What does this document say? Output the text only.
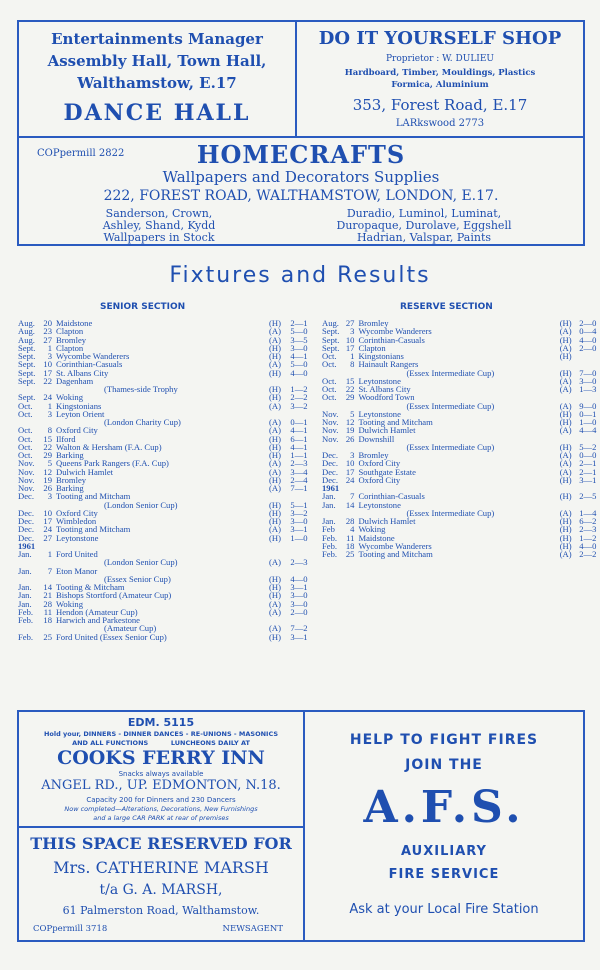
Entertainments Manager
Assembly Hall, Town Hall,
Walthamstow, E.17
DANCE HALL
DO IT YOURSELF SHOP
Proprietor : W. DULIEU
Hardboard, Timber, Mouldings, Plastics
Formica, Aluminium
353, Forest Road, E.17
LARkswood 2773
COPpermill 2822	HOMECRAFTS
Wallpapers and Decorators Supplies
222, FOREST ROAD, WALTHAMSTOW, LONDON, E.17.
Sanderson, Crown,
Ashley, Shand, Kydd
Wallpapers in Stock
Duradio, Luminol, Luminat,
Duropaque, Durolave, Eggshell
Hadrian, Valspar, Paints
Fixtures and Results
SENIOR SECTION	RESERVE SECTION
Aug.	20	Maidstone	(H)	2—1
Aug.	23	Clapton	(A)	5—0
Aug.	27	Bromley	(A)	3—5
Sept.	1	Clapton	(H)	3—0
Sept.	3	Wycombe Wanderers	(H)	4—1
Sept.	10	Corinthian-Casuals	(A)	5—0
Sept.	17	St. Albans City	(H)	4—0
Sept.	22	Dagenham		
		(Thames-side Trophy	(H)	1—2
Sept.	24	Woking	(H)	2—2
Oct.	1	Kingstonians	(A)	3—2
Oct.	3	Leyton Orient		
		(London Charity Cup)	(A)	0—1
Oct.	8	Oxford City	(A)	4—1
Oct.	15	Ilford	(H)	6—1
Oct.	22	Walton & Hersham (F.A. Cup)	(H)	4—1
Oct.	29	Barking	(H)	1—1
Nov.	5	Queens Park Rangers (F.A. Cup)	(A)	2—3
Nov.	12	Dulwich Hamlet	(A)	3—4
Nov.	19	Bromley	(H)	2—4
Nov.	26	Barking	(A)	7—1
Dec.	3	Tooting and Mitcham		
		(London Senior Cup)	(H)	5—1
Dec.	10	Oxford City	(H)	3—2
Dec.	17	Wimbledon	(H)	3—0
Dec.	24	Tooting and Mitcham	(A)	3—1
Dec.	27	Leytonstone	(H)	1—0
1961				
Jan.	1	Ford United		
		(London Senior Cup)	(A)	2—3
Jan.	7	Eton Manor		
		(Essex Senior Cup)	(H)	4—0
Jan.	14	Tooting & Mitcham	(H)	3—1
Jan.	21	Bishops Stortford (Amateur Cup)	(H)	3—0
Jan.	28	Woking	(A)	3—0
Feb.	11	Hendon (Amateur Cup)	(A)	2—0
Feb.	18	Harwich and Parkestone		
		(Amateur Cup)	(A)	7—2
Feb.	25	Ford United (Essex Senior Cup)	(H)	3—1
Aug.	27	Bromley	(H)	2—0
Sept.	3	Wycombe Wanderers	(A)	0—4
Sept.	10	Corinthian-Casuals	(H)	4—0
Sept.	17	Clapton	(A)	2—0
Oct.	1	Kingstonians	(H)	
Oct.	8	Hainault Rangers		
		(Essex Intermediate Cup)	(H)	7—0
Oct.	15	Leytonstone	(A)	3—0
Oct.	22	St. Albans City	(A)	1—3
Oct.	29	Woodford Town		
		(Essex Intermediate Cup)	(A)	9—0
Nov.	5	Leytonstone	(H)	0—1
Nov.	12	Tooting and Mitcham	(H)	1—0
Nov.	19	Dulwich Hamlet	(A)	4—4
Nov.	26	Downshill		
		(Essex Intermediate Cup)	(H)	5—2
Dec.	3	Bromley	(A)	0—0
Dec.	10	Oxford City	(A)	2—1
Dec.	17	Southgate Estate	(A)	2—1
Dec.	24	Oxford City	(H)	3—1
1961				
Jan.	7	Corinthian-Casuals	(H)	2—5
Jan.	14	Leytonstone		
		(Essex Intermediate Cup)	(A)	1—4
Jan.	28	Dulwich Hamlet	(H)	6—2
Feb	4	Woking	(H)	2—3
Feb.	11	Maidstone	(H)	1—2
Feb.	18	Wycombe Wanderers	(H)	4—0
Feb.	25	Tooting and Mitcham	(A)	2—2
EDM. 5115
Hold your, DINNERS - DINNER DANCES - RE-UNIONS - MASONICS
AND ALL FUNCTIONS          LUNCHEONS DAILY AT
COOKS FERRY INN
Snacks always available
ANGEL RD., UP. EDMONTON, N.18.
Capacity 200 for Dinners and 230 Dancers
Now completed—Alterations, Decorations, New Furnishings
and a large CAR PARK at rear of premises
THIS SPACE RESERVED FOR
Mrs. CATHERINE MARSH
t/a G. A. MARSH,
61 Palmerston Road, Walthamstow.
COPpermill 3718	NEWSAGENT
HELP TO FIGHT FIRES
JOIN THE
A.F.S.
AUXILIARY
FIRE SERVICE
Ask at your Local Fire Station
